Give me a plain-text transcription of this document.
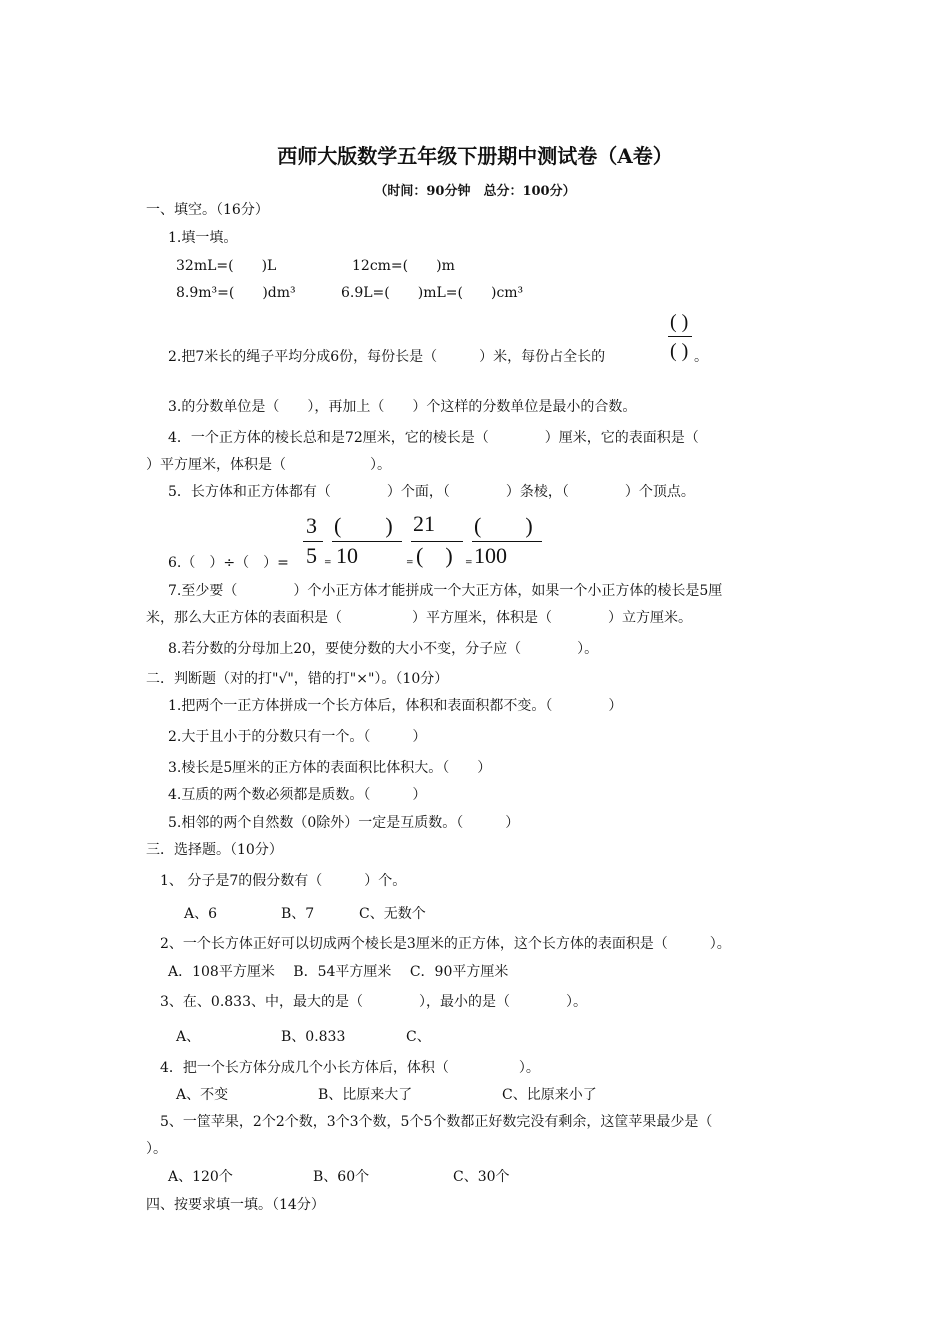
西师大版数学五年级下册期中测试卷（A卷）
（时间：90分钟　总分：100分）
一、填空。（16分）
1.填一填。
32mL=(　　)L	12cm=(　　)m
8.9m³=(　　)dm³	6.9L=(　　)mL=(　　)cm³
2.把7米长的绳子平均分成6份，每份长是（　　　）米，每份占全长的
( )
( ) 。
3.的分数单位是（　　），再加上（　　）个这样的分数单位是最小的合数。
4．一个正方体的棱长总和是72厘米，它的棱长是（　　　　）厘米，它的表面积是（
）平方厘米，体积是（　　　　　　）。
5．长方体和正方体都有（　　　　）个面，（　　　　）条棱，（　　　　）个顶点。
6.（　）÷（　）=
3
5 =
(　　)
10	=
21
(　) =
(　　)
100
7.至少要（　　　　）个小正方体才能拼成一个大正方体，如果一个小正方体的棱长是5厘
米，那么大正方体的表面积是（　　　　　）平方厘米，体积是（　　　　）立方厘米。
8.若分数的分母加上20，要使分数的大小不变，分子应（　　　　）。
二．判断题（对的打"√"，错的打"×"）。（10分）
1.把两个一正方体拼成一个长方体后，体积和表面积都不变。（　　　　）
2.大于且小于的分数只有一个。（　　　）
3.棱长是5厘米的正方体的表面积比体积大。（　　）
4.互质的两个数必须都是质数。（　　　）
5.相邻的两个自然数（0除外）一定是互质数。（　　　）
三．选择题。（10分）
1、 分子是7的假分数有（　　　）个。
A、6	B、7	C、无数个
2、一个长方体正好可以切成两个棱长是3厘米的正方体，这个长方体的表面积是（　　　）。
A．108平方厘米　 B．54平方厘米　 C．90平方厘米
3、在、0.833、中，最大的是（　　　　），最小的是（　　　　）。
A、	B、0.833	C、
4．把一个长方体分成几个小长方体后，体积（　　　　　）。
A、不变	B、比原来大了	C、比原来小了
5、一筐苹果，2个2个数，3个3个数，5个5个数都正好数完没有剩余，这筐苹果最少是（
）。
A、120个	B、60个	C、30个
四、按要求填一填。（14分）
